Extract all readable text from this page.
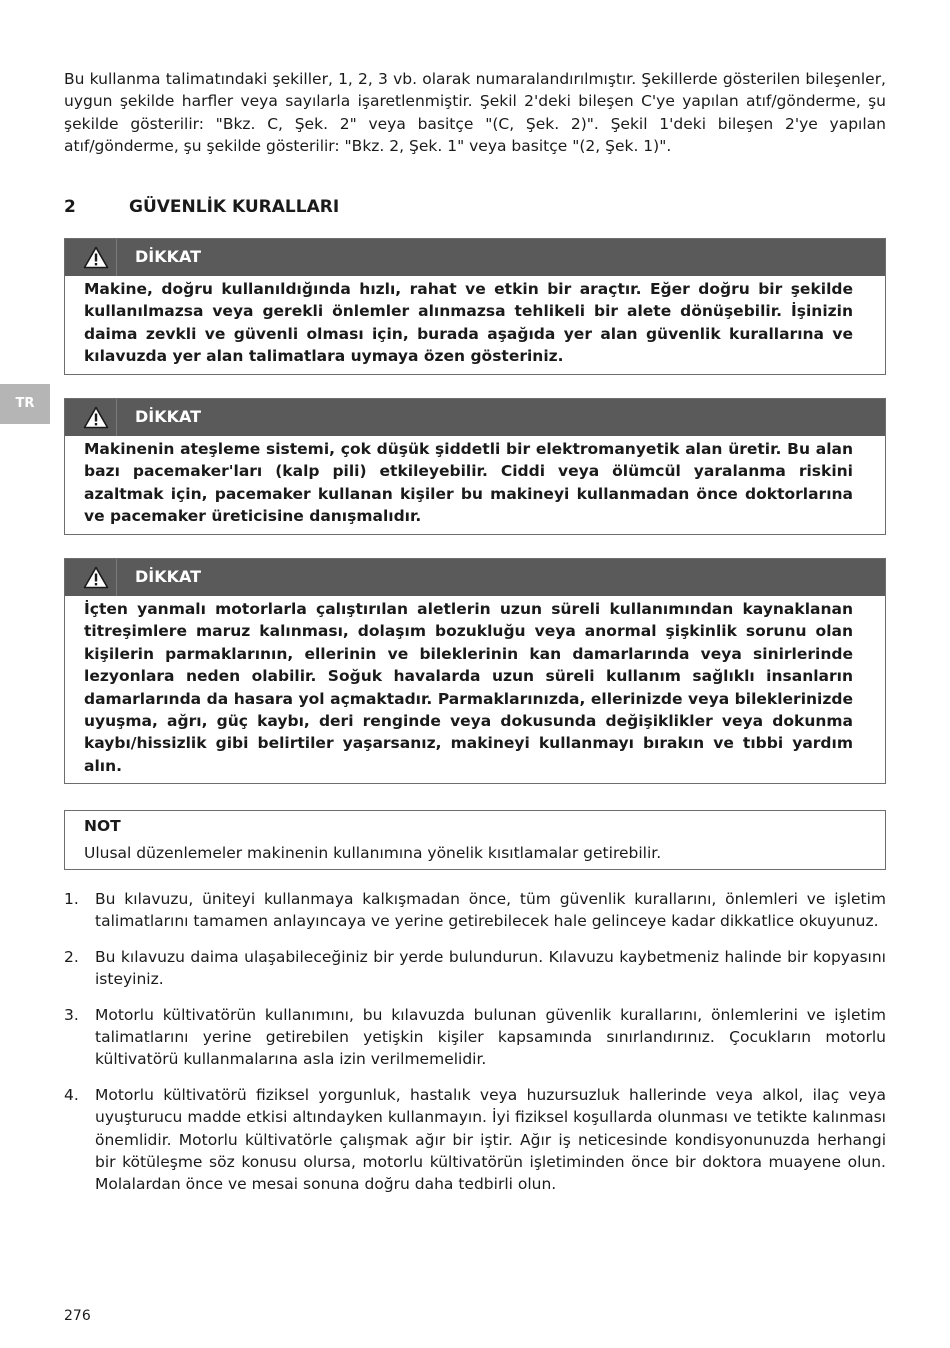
Bu kullanma talimatındaki şekiller, 1, 2, 3 vb. olarak numaralandırılmıştır. Şekillerde gösterilen bileşenler, uygun şekilde harfler veya sayılarla işaretlenmiştir. Şekil 2'deki bileşen C'ye yapılan atıf/gönderme, şu şekilde gösterilir: "Bkz. C, Şek. 2" veya basitçe "(C, Şek. 2)". Şekil 1'deki bileşen 2'ye yapılan atıf/gönderme, şu şekilde gösterilir: "Bkz. 2, Şek. 1" veya basitçe "(2, Şek. 1)".

2	GÜVENLİK KURALLARI
TR
DİKKAT

Makine, doğru kullanıldığında hızlı, rahat ve etkin bir araçtır. Eğer doğru bir şekilde kullanılmazsa veya gerekli önlemler alınmazsa tehlikeli bir alete dönüşebilir. İşinizin daima zevkli ve güvenli olması için, burada aşağıda yer alan güvenlik kurallarına ve kılavuzda yer alan talimatlara uymaya özen gösteriniz.

DİKKAT

Makinenin ateşleme sistemi, çok düşük şiddetli bir elektromanyetik alan üretir. Bu alan bazı pacemaker'ları (kalp pili) etkileyebilir. Ciddi veya ölümcül yaralanma riskini azaltmak için, pacemaker kullanan kişiler bu makineyi kullanmadan önce doktorlarına ve pacemaker üreticisine danışmalıdır.

DİKKAT

İçten yanmalı motorlarla çalıştırılan aletlerin uzun süreli kullanımından kaynaklanan titreşimlere maruz kalınması, dolaşım bozukluğu veya anormal şişkinlik sorunu olan kişilerin parmaklarının, ellerinin ve bileklerinin kan damarlarında veya sinirlerinde lezyonlara neden olabilir. Soğuk havalarda uzun süreli kullanım sağlıklı insanların damarlarında da hasara yol açmaktadır. Parmaklarınızda, ellerinizde veya bileklerinizde uyuşma, ağrı, güç kaybı, deri renginde veya dokusunda değişiklikler veya dokunma kaybı/hissizlik gibi belirtiler yaşarsanız, makineyi kullanmayı bırakın ve tıbbi yardım alın.

NOT

Ulusal düzenlemeler makinenin kullanımına yönelik kısıtlamalar getirebilir.

1.	Bu kılavuzu, üniteyi kullanmaya kalkışmadan önce, tüm güvenlik kurallarını, önlemleri ve işletim talimatlarını tamamen anlayıncaya ve yerine getirebilecek hale gelinceye kadar dikkatlice okuyunuz.
2.	Bu kılavuzu daima ulaşabileceğiniz bir yerde bulundurun. Kılavuzu kaybetmeniz halinde bir kopyasını isteyiniz.
3.	Motorlu kültivatörün kullanımını, bu kılavuzda bulunan güvenlik kurallarını, önlemlerini ve işletim talimatlarını yerine getirebilen yetişkin kişiler kapsamında sınırlandırınız. Çocukların motorlu kültivatörü kullanmalarına asla izin verilmemelidir.
4.	Motorlu kültivatörü fiziksel yorgunluk, hastalık veya huzursuzluk hallerinde veya alkol, ilaç veya uyuşturucu madde etkisi altındayken kullanmayın. İyi fiziksel koşullarda olunması ve tetikte kalınması önemlidir. Motorlu kültivatörle çalışmak ağır bir iştir. Ağır iş neticesinde kondisyonunuzda herhangi bir kötüleşme söz konusu olursa, motorlu kültivatörün işletiminden önce bir doktora muayene olun. Molalardan önce ve mesai sonuna doğru daha tedbirli olun.

276
